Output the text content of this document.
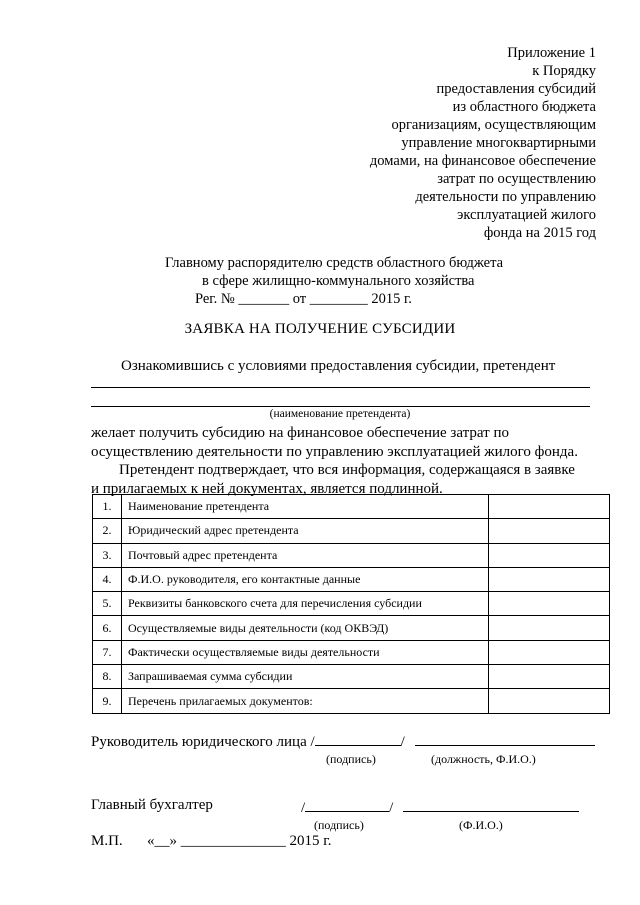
Приложение 1
к Порядку
предоставления субсидий
из областного бюджета
организациям, осуществляющим
управление многоквартирными
домами, на финансовое обеспечение
затрат по осуществлению
деятельности по управлению
эксплуатацией жилого
фонда на 2015 год
Главному распорядителю средств областного бюджета
в сфере жилищно-коммунального хозяйства
Рег. № _______ от ________ 2015 г.
ЗАЯВКА НА ПОЛУЧЕНИЕ СУБСИДИИ
Ознакомившись с условиями предоставления субсидии, претендент
(наименование претендента)
желает получить субсидию на финансовое обеспечение затрат по
осуществлению деятельности по управлению эксплуатацией жилого фонда.
Претендент подтверждает, что вся информация, содержащаяся в заявке
и прилагаемых к ней документах, является подлинной.
1.	Наименование претендента	
2.	Юридический адрес претендента	
3.	Почтовый адрес претендента	
4.	Ф.И.О. руководителя, его контактные данные	
5.	Реквизиты банковского счета для перечисления субсидии	
6.	Осуществляемые виды деятельности (код ОКВЭД)	
7.	Фактически осуществляемые виды деятельности	
8.	Запрашиваемая сумма субсидии	
9.	Перечень прилагаемых документов:	
Руководитель юридического лица /	/
(подпись)	(должность, Ф.И.О.)
Главный бухгалтер	/	/
(подпись)	(Ф.И.О.)
М.П. «__» ______________ 2015 г.
